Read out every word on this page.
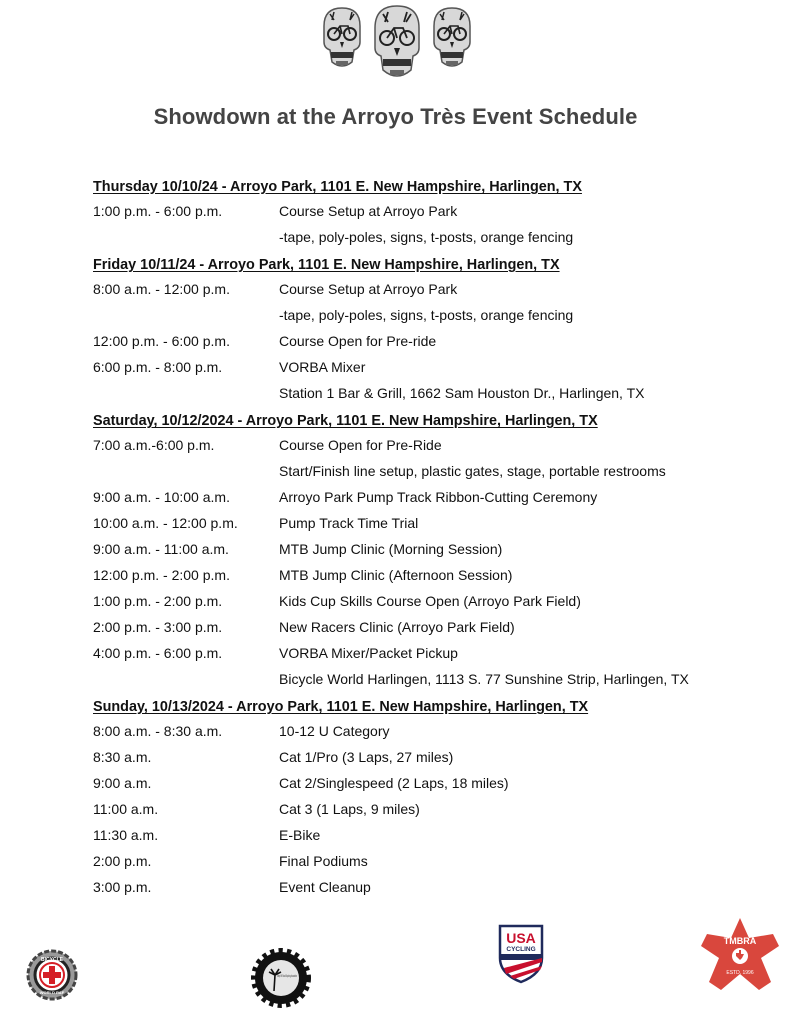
Showdown at the Arroyo Très Event Schedule
Thursday 10/10/24 - Arroyo Park, 1101 E. New Hampshire, Harlingen, TX
1:00 p.m. - 6:00 p.m.	Course Setup at Arroyo Park
-tape, poly-poles, signs, t-posts, orange fencing
Friday 10/11/24 - Arroyo Park, 1101 E. New Hampshire, Harlingen, TX
8:00 a.m. - 12:00 p.m.	Course Setup at Arroyo Park
-tape, poly-poles, signs, t-posts, orange fencing
12:00 p.m. - 6:00 p.m.	Course Open for Pre-ride
6:00 p.m. - 8:00 p.m.	VORBA Mixer
Station 1 Bar & Grill, 1662 Sam Houston Dr., Harlingen, TX
Saturday, 10/12/2024 - Arroyo Park, 1101 E. New Hampshire, Harlingen, TX
7:00 a.m.-6:00 p.m.	Course Open for Pre-Ride
Start/Finish line setup, plastic gates, stage, portable restrooms
9:00 a.m. - 10:00 a.m.	Arroyo Park Pump Track Ribbon-Cutting Ceremony
10:00 a.m. - 12:00 p.m.	Pump Track Time Trial
9:00 a.m. - 11:00 a.m.	MTB Jump Clinic (Morning Session)
12:00 p.m. - 2:00 p.m.	MTB Jump Clinic (Afternoon Session)
1:00 p.m. - 2:00 p.m.	Kids Cup Skills Course Open (Arroyo Park Field)
2:00 p.m. - 3:00 p.m.	New Racers Clinic (Arroyo Park Field)
4:00 p.m. - 6:00 p.m.	VORBA Mixer/Packet Pickup
Bicycle World Harlingen, 1113 S. 77 Sunshine Strip, Harlingen, TX
Sunday, 10/13/2024 - Arroyo Park, 1101 E. New Hampshire, Harlingen, TX
8:00 a.m. - 8:30 a.m.	10-12 U Category
8:30 a.m.	Cat 1/Pro (3 Laps, 27 miles)
9:00 a.m.	Cat 2/Singlespeed (2 Laps, 18 miles)
11:00 a.m.	Cat 3 (1 Laps, 9 miles)
11:30 a.m.	E-Bike
2:00 p.m.	Final Podiums
3:00 p.m.	Event Cleanup
BICYCLE
WORLD R&F
Valley Off-Road Bicycling Association
USA
CYCLING
TMBRA
ESTD. 1996
